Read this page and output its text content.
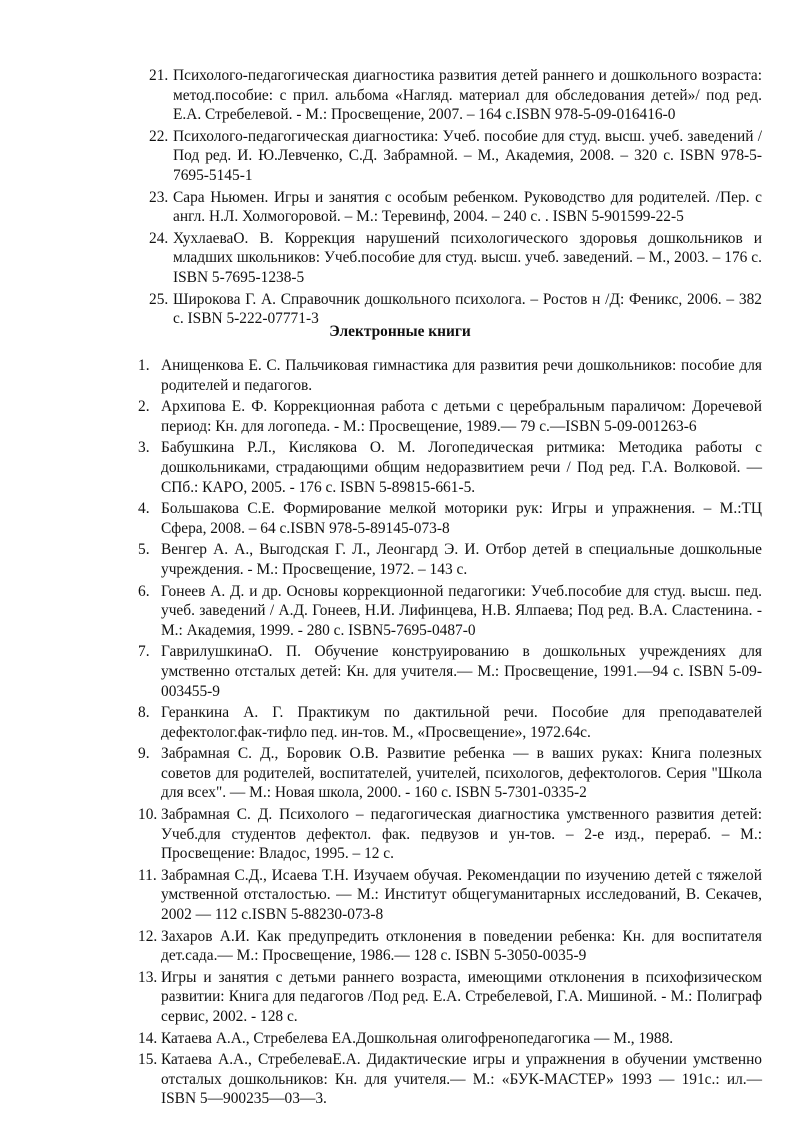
21. Психолого-педагогическая диагностика развития детей раннего и дошкольного возраста: метод.пособие: с прил. альбома «Нагляд. материал для обследования детей»/ под ред. Е.А. Стребелевой. - М.: Просвещение, 2007. – 164 с.ISBN 978-5-09-016416-0
22. Психолого-педагогическая диагностика: Учеб. пособие для студ. высш. учеб. заведений /Под ред. И. Ю.Левченко, С.Д. Забрамной. – М., Академия, 2008. – 320 с. ISBN 978-5-7695-5145-1
23. Сара Ньюмен. Игры и занятия с особым ребенком. Руководство для родителей. /Пер. с англ. Н.Л. Холмогоровой. – М.: Теревинф, 2004. – 240 с. . ISBN 5-901599-22-5
24. ХухлаеваО. В. Коррекция нарушений психологического здоровья дошкольников и младших школьников: Учеб.пособие для студ. высш. учеб. заведений. – М., 2003. – 176 с. ISBN 5-7695-1238-5
25. Широкова Г. А. Справочник дошкольного психолога. – Ростов н /Д: Феникс, 2006. – 382 с. ISBN 5-222-07771-3
Электронные книги
1. Анищенкова Е. С. Пальчиковая гимнастика для развития речи дошкольников: пособие для родителей и педагогов.
2. Архипова Е. Ф. Коррекционная работа с детьми с церебральным параличом: Доречевой период: Кн. для логопеда. - М.: Просвещение, 1989.— 79 с.—ISBN 5-09-001263-6
3. Бабушкина Р.Л., Кислякова О. М. Логопедическая ритмика: Методика работы с дошкольниками, страдающими общим недоразвитием речи / Под ред. Г.А. Волковой. —СПб.: КАРО, 2005. - 176 с. ISBN 5-89815-661-5.
4. Большакова С.Е. Формирование мелкой моторики рук: Игры и упражнения. – М.:ТЦ Сфера, 2008. – 64 с.ISBN 978-5-89145-073-8
5. Венгер А. А., Выгодская Г. Л., Леонгард Э. И. Отбор детей в специальные дошкольные учреждения. - М.: Просвещение, 1972. – 143 с.
6. Гонеев А. Д. и др. Основы коррекционной педагогики: Учеб.пособие для студ. высш. пед. учеб. заведений / А.Д. Гонеев, Н.И. Лифинцева, Н.В. Ялпаева; Под ред. В.А. Сластенина. - М.: Академия, 1999. - 280 с. ISBN5-7695-0487-0
7. ГаврилушкинаО. П. Обучение конструированию в дошкольных учреждениях для умственно отсталых детей: Кн. для учителя.— М.: Просвещение, 1991.—94 с. ISBN 5-09-003455-9
8. Геранкина А. Г. Практикум по дактильной речи. Пособие для преподавателей дефектолог.фак-тифло пед. ин-тов. М., «Просвещение», 1972.64с.
9. Забрамная С. Д., Боровик О.В. Развитие ребенка — в ваших руках: Книга полезных советов для родителей, воспитателей, учителей, психологов, дефектологов. Серия "Школа для всех". — М.: Новая школа, 2000. - 160 с. ISBN 5-7301-0335-2
10. Забрамная С. Д. Психолого – педагогическая диагностика умственного развития детей: Учеб.для студентов дефектол. фак. педвузов и ун-тов. – 2-е изд., перераб. – М.: Просвещение: Владос, 1995. – 12 с.
11. Забрамная С.Д., Исаева Т.Н. Изучаем обучая. Рекомендации по изучению детей с тяжелой умственной отсталостью. — М.: Институт общегуманитарных исследований, В. Секачев, 2002 — 112 с.ISBN 5-88230-073-8
12. Захаров А.И. Как предупредить отклонения в поведении ребенка: Кн. для воспитателя дет.сада.— М.: Просвещение, 1986.— 128 с. ISBN 5-3050-0035-9
13. Игры и занятия с детьми раннего возраста, имеющими отклонения в психофизическом развитии: Книга для педагогов /Под ред. Е.А. Стребелевой, Г.А. Мишиной. - М.: Полиграф сервис, 2002. - 128 с.
14. Катаева А.А., Стребелева ЕА.Дошкольная олигофренопедагогика — М., 1988.
15. Катаева А.А., СтребелеваЕ.А. Дидактические игры и упражнения в обучении умственно отсталых дошкольников: Кн. для учителя.— М.: «БУК-МАСТЕР» 1993 — 191с.: ил.— ISBN 5—900235—03—3.
